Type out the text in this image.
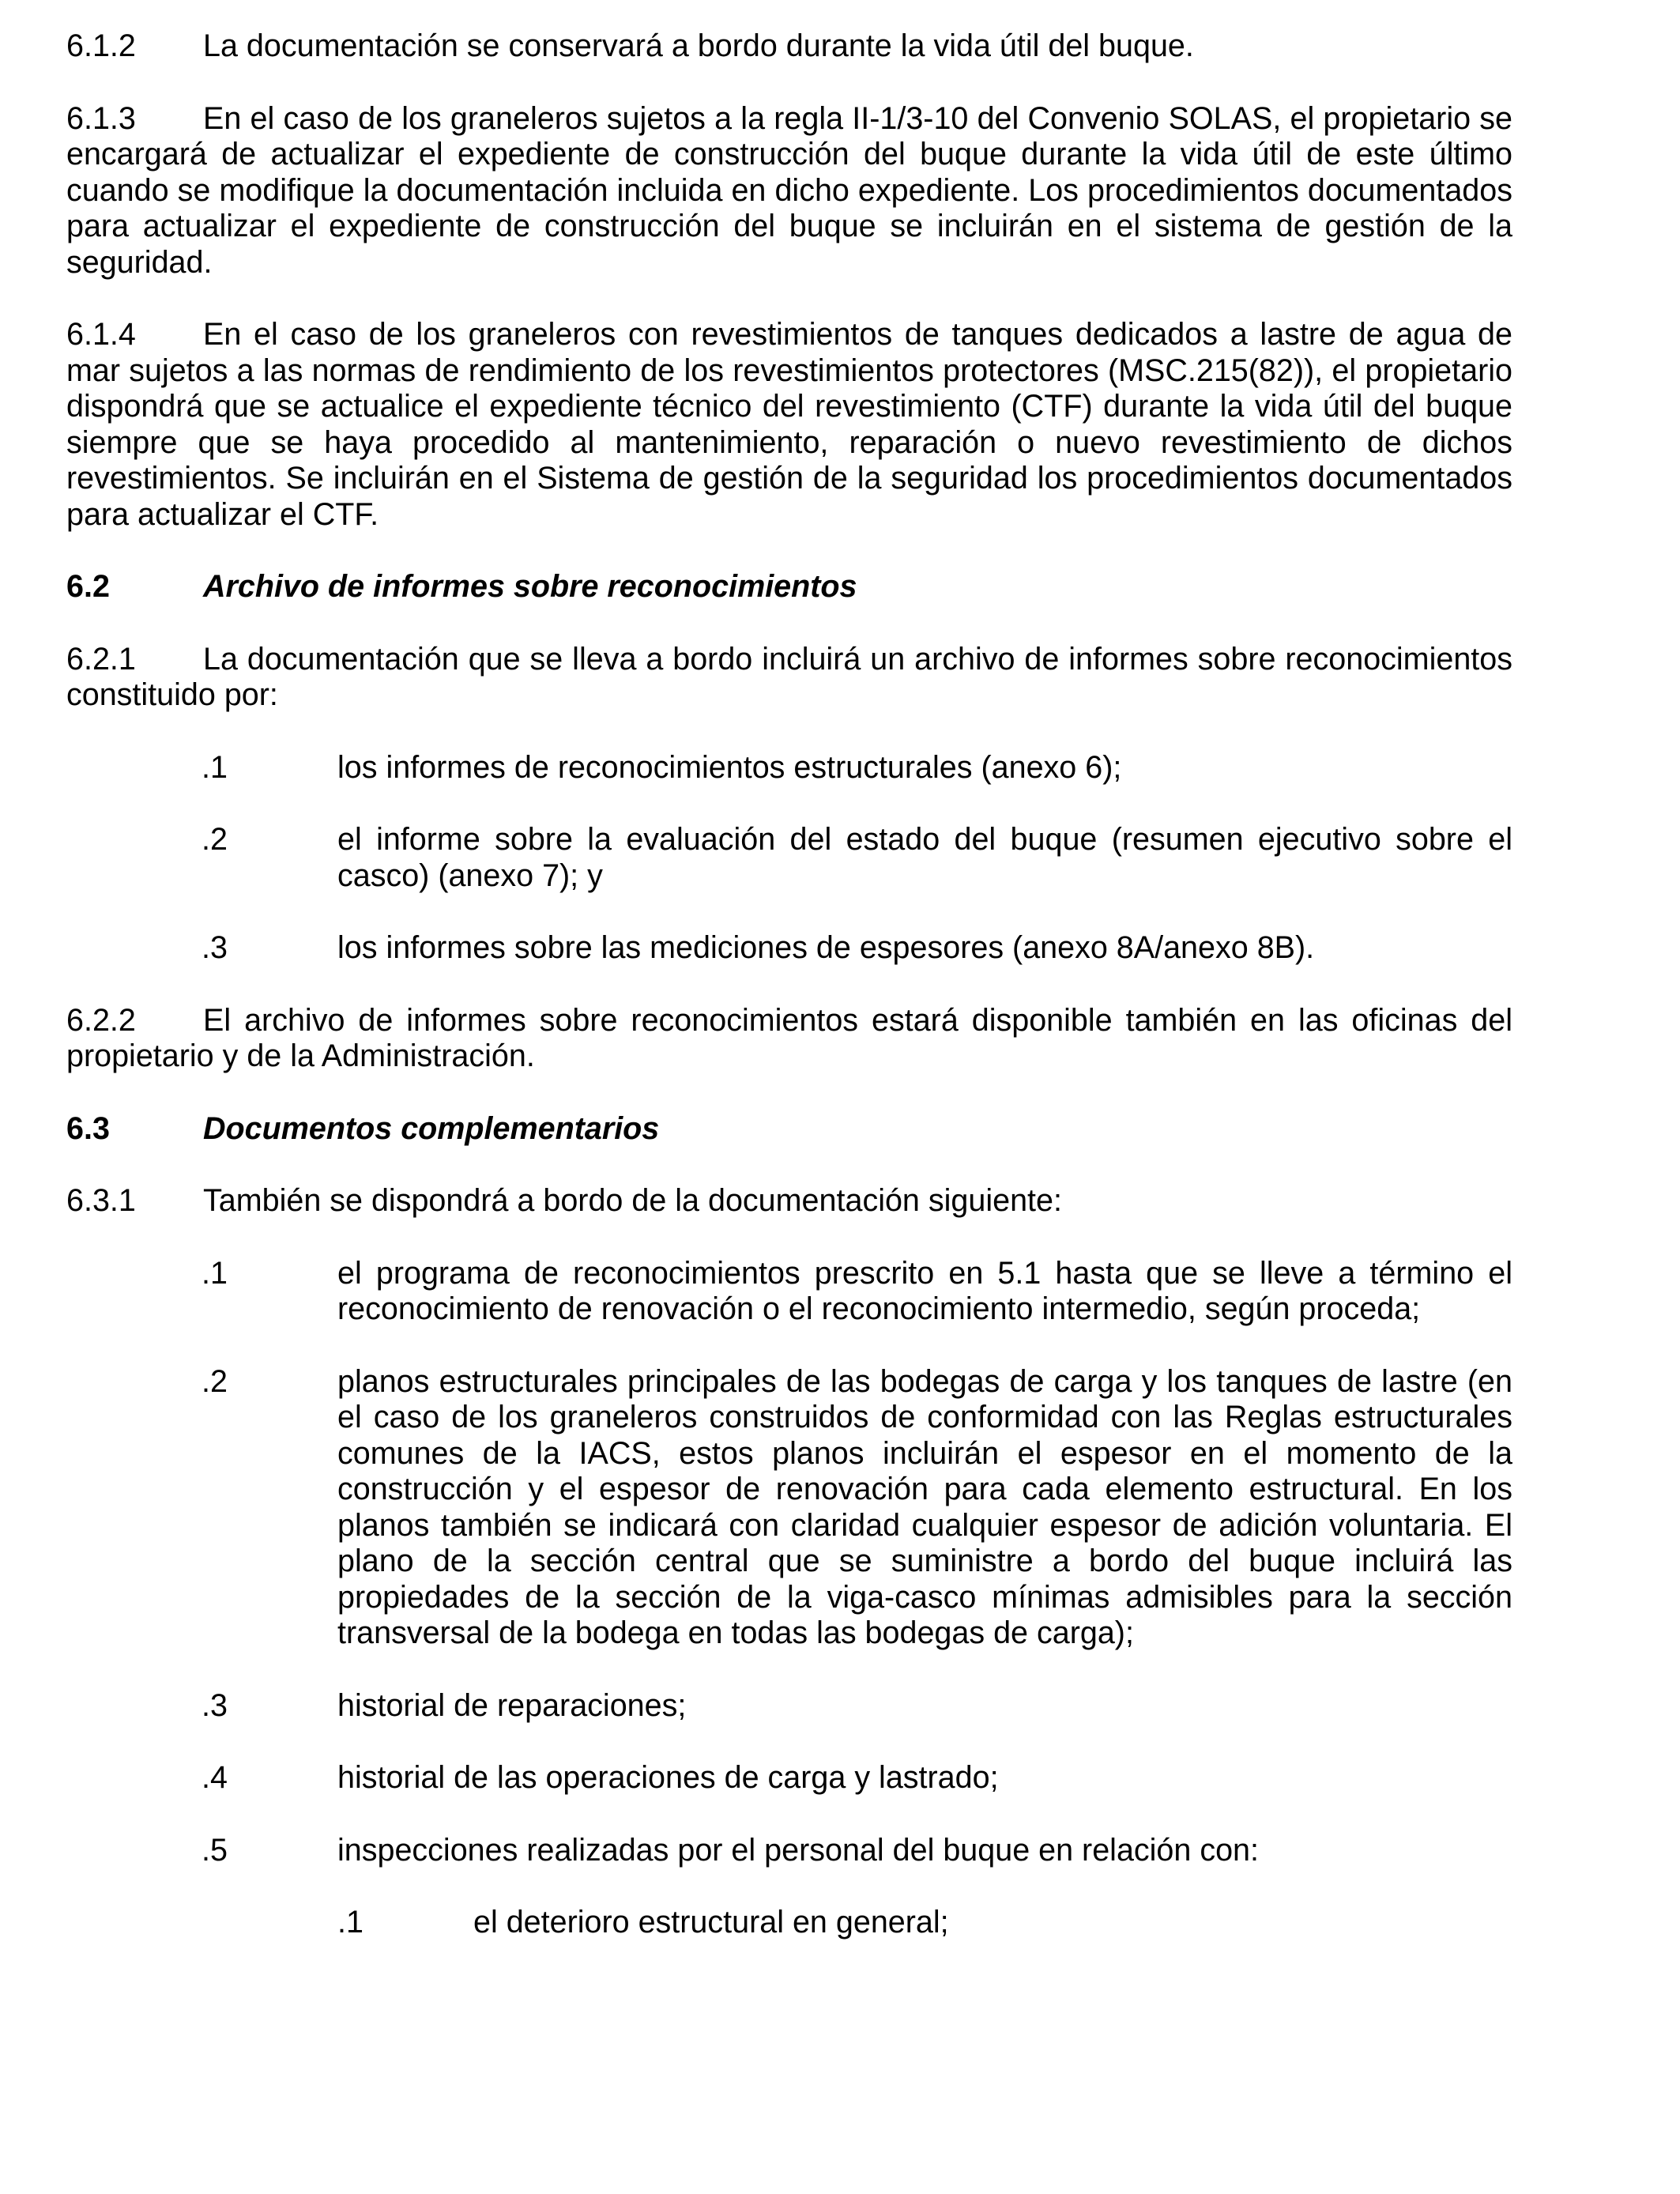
6.1.2 La documentación se conservará a bordo durante la vida útil del buque.

6.1.3 En el caso de los graneleros sujetos a la regla II-1/3-10 del Convenio SOLAS, el propietario se encargará de actualizar el expediente de construcción del buque durante la vida útil de este último cuando se modifique la documentación incluida en dicho expediente. Los procedimientos documentados para actualizar el expediente de construcción del buque se incluirán en el sistema de gestión de la seguridad.

6.1.4 En el caso de los graneleros con revestimientos de tanques dedicados a lastre de agua de mar sujetos a las normas de rendimiento de los revestimientos protectores (MSC.215(82)), el propietario dispondrá que se actualice el expediente técnico del revestimiento (CTF) durante la vida útil del buque siempre que se haya procedido al mantenimiento, reparación o nuevo revestimiento de dichos revestimientos. Se incluirán en el Sistema de gestión de la seguridad los procedimientos documentados para actualizar el CTF.

6.2	Archivo de informes sobre reconocimientos

6.2.1 La documentación que se lleva a bordo incluirá un archivo de informes sobre reconocimientos constituido por:

.1	los informes de reconocimientos estructurales (anexo 6);
.2	el informe sobre la evaluación del estado del buque (resumen ejecutivo sobre el casco) (anexo 7); y
.3	los informes sobre las mediciones de espesores (anexo 8A/anexo 8B).

6.2.2 El archivo de informes sobre reconocimientos estará disponible también en las oficinas del propietario y de la Administración.

6.3	Documentos complementarios

6.3.1 También se dispondrá a bordo de la documentación siguiente:

.1	el programa de reconocimientos prescrito en 5.1 hasta que se lleve a término el reconocimiento de renovación o el reconocimiento intermedio, según proceda;
.2	planos estructurales principales de las bodegas de carga y los tanques de lastre (en el caso de los graneleros construidos de conformidad con las Reglas estructurales comunes de la IACS, estos planos incluirán el espesor en el momento de la construcción y el espesor de renovación para cada elemento estructural. En los planos también se indicará con claridad cualquier espesor de adición voluntaria. El plano de la sección central que se suministre a bordo del buque incluirá las propiedades de la sección de la viga-casco mínimas admisibles para la sección transversal de la bodega en todas las bodegas de carga);
.3	historial de reparaciones;
.4	historial de las operaciones de carga y lastrado;
.5	inspecciones realizadas por el personal del buque en relación con:
.1	el deterioro estructural en general;
